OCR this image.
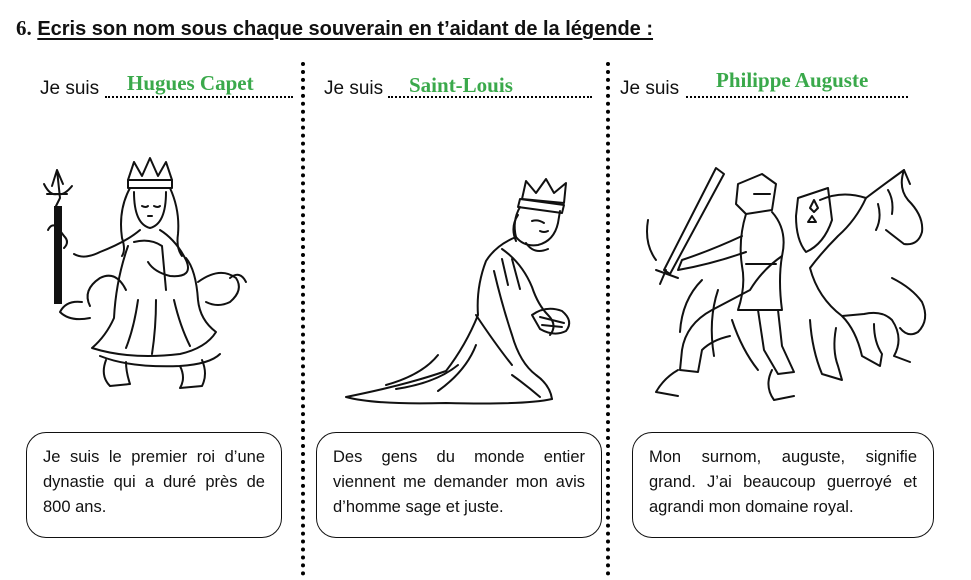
6. Ecris son nom sous chaque souverain en t’aidant de la légende :
Je suis Hugues Capet
Je suis le premier roi d’une dynastie qui a duré près de 800 ans.
Je suis Saint-Louis
Des gens du monde entier viennent me demander mon avis d’homme sage et juste.
Je suis Philippe Auguste
Mon surnom, auguste, signifie grand. J’ai beaucoup guerroyé et agrandi mon domaine royal.
